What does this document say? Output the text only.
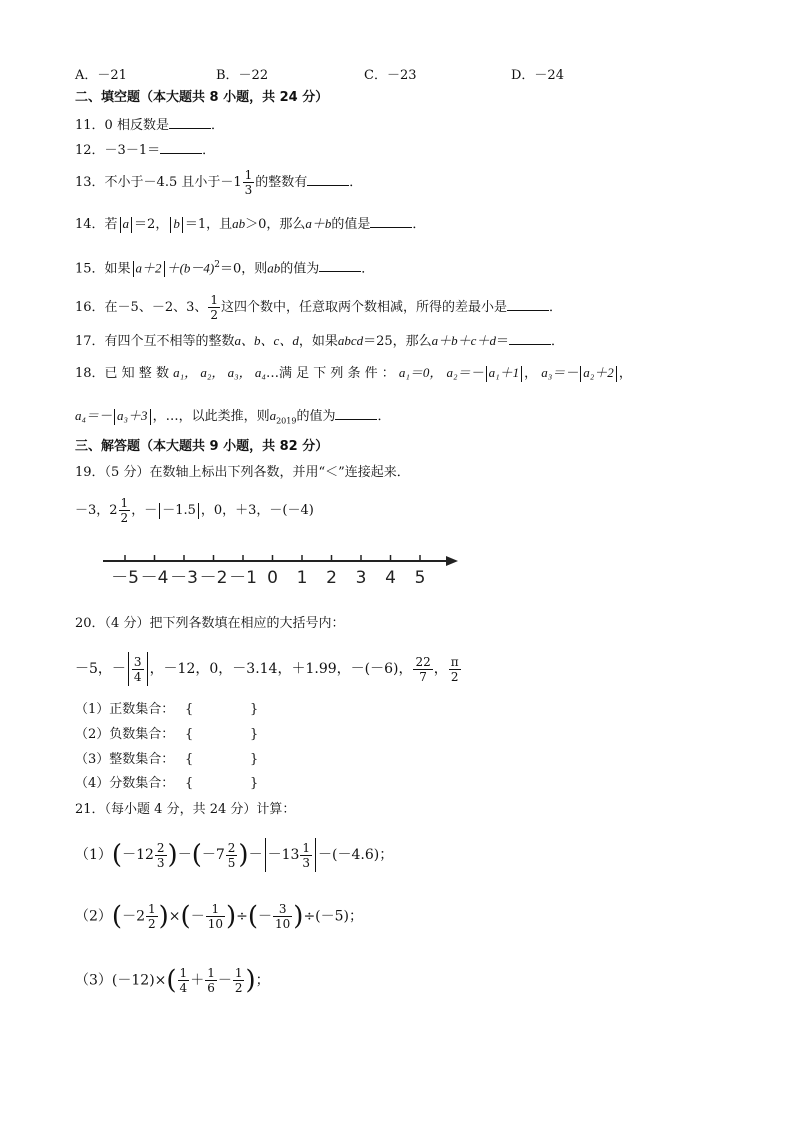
A．－21	B．－22	C．－23	D．－24
二、填空题（本大题共 8 小题，共 24 分）
11．0 相反数是	．
12．－3－1＝	．
13．不小于－4.5 且小于$-1 \frac{1}{3}$ 的整数有	．
14．若 a ＝2， b ＝1，且ab＞0，那么a＋b的值是	．
15．如果 $a+2 +(b-4)^2=0$，则ab的值为	．
16．在－5、－2、3、 $\frac{1}{2}$ 这四个数中，任意取两个数相减，所得的差最小是	．
17．有四个互不相等的整数a、b、c、d，如果abcd＝25，那么a＋b＋c＋d＝	．
18．已 知 整 数 a₁， a₂， a₃， a₄…满 足 下 列 条 件 ： a₁＝0， a₂＝－ a₁＋1 ， a₃＝－ a₂＋2 ，
a₄＝－ a₃＋3 ，…，以此类推，则$a_{2019}$的值为	．
三、解答题（本大题共 9 小题，共 82 分）
19．（5 分）在数轴上标出下列各数，并用“＜”连接起来．
－3，$2 \frac{1}{2}$ ，－ －1.5 ，0，＋3，－(－4)
－5 －4 －3 －2 －1 0 1 2 3 4 5
20．（4 分）把下列各数填在相应的大括号内：
－5，－ $\frac{3}{4}$ ，－12，0，－3.14，＋1.99，－(－6)， $\frac{22}{7}$ ， $\frac{\pi}{2}$
（1）正数集合： {	}
（2）负数集合： {	}
（3）整数集合： {	}
（4）分数集合： {	}
21．（每小题 4 分，共 24 分）计算：
$(1)(-12 \frac{2}{3} )-(-7 \frac{2}{5}$ )－ $-13 \frac{1}{3} -(-4.6)$；
$(2)(-2 \frac{1}{2}$ )×(－ $\frac{1}{10}$ )÷(－ $\frac{3}{10} )\div(-5)$；
$(3)(-12)\times( \frac{1}{4} + \frac{1}{6} - \frac{1}{2}$ )；
